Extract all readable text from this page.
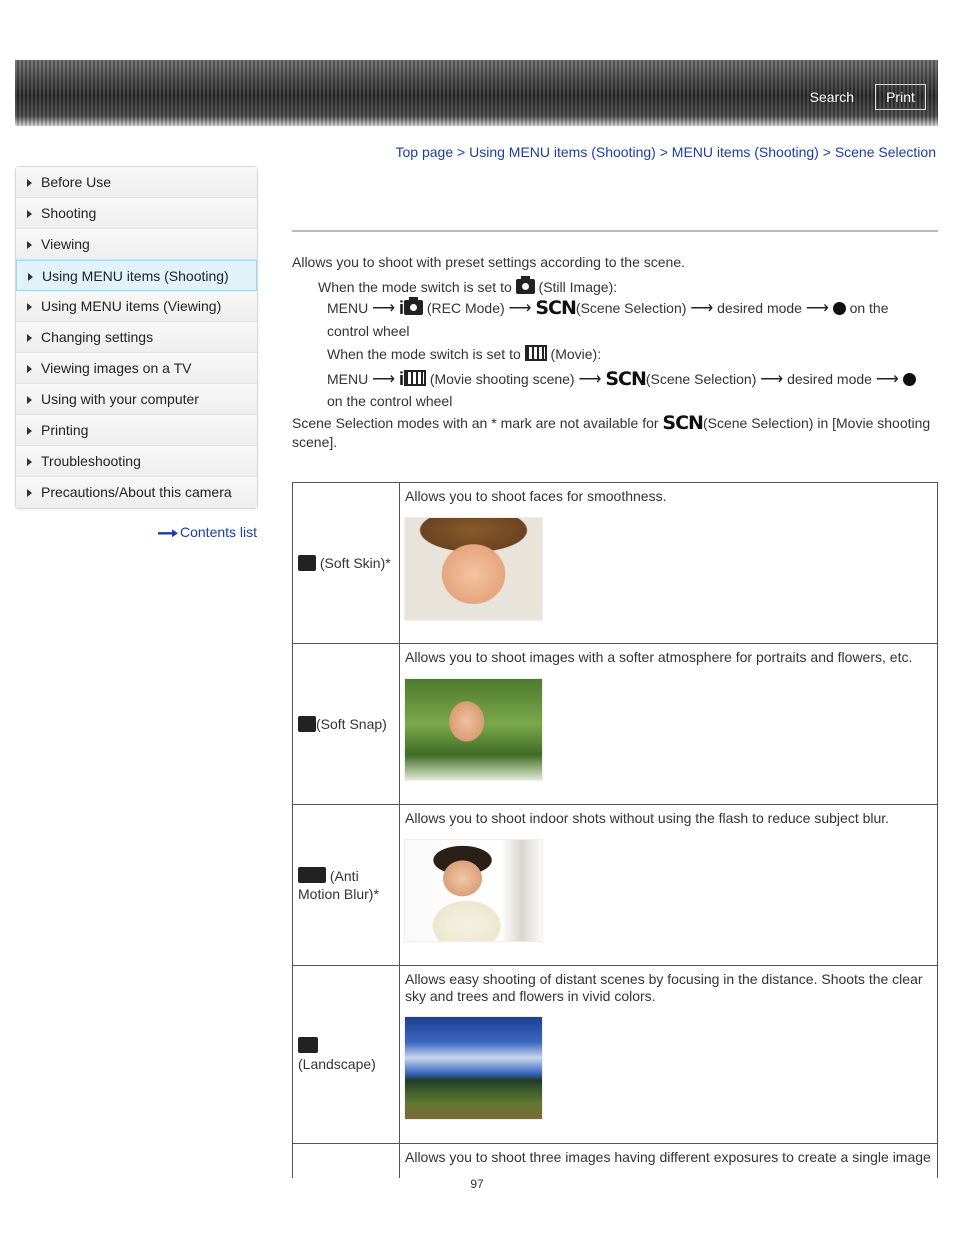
Search	Print
Top page > Using MENU items (Shooting) > MENU items (Shooting) > Scene Selection
Before Use
Shooting
Viewing
Using MENU items (Shooting)
Using MENU items (Viewing)
Changing settings
Viewing images on a TV
Using with your computer
Printing
Troubleshooting
Precautions/About this camera
Contents list
Allows you to shoot with preset settings according to the scene.
When the mode switch is set to (Still Image):
MENU ⟶ i (REC Mode) ⟶ SCN(Scene Selection) ⟶ desired mode ⟶ on the
control wheel
When the mode switch is set to (Movie):
MENU ⟶ i (Movie shooting scene) ⟶ SCN(Scene Selection) ⟶ desired mode ⟶
on the control wheel
Scene Selection modes with an * mark are not available for SCN(Scene Selection) in [Movie shooting
scene].

(Soft Skin)*
Allows you to shoot faces for smoothness.
(Soft Snap)
Allows you to shoot images with a softer atmosphere for portraits and flowers, etc.
(Anti
Motion Blur)*
Allows you to shoot indoor shots without using the flash to reduce subject blur.

(Landscape)
Allows easy shooting of distant scenes by focusing in the distance. Shoots the clear sky and trees and flowers in vivid colors.
Allows you to shoot three images having different exposures to create a single image
97
